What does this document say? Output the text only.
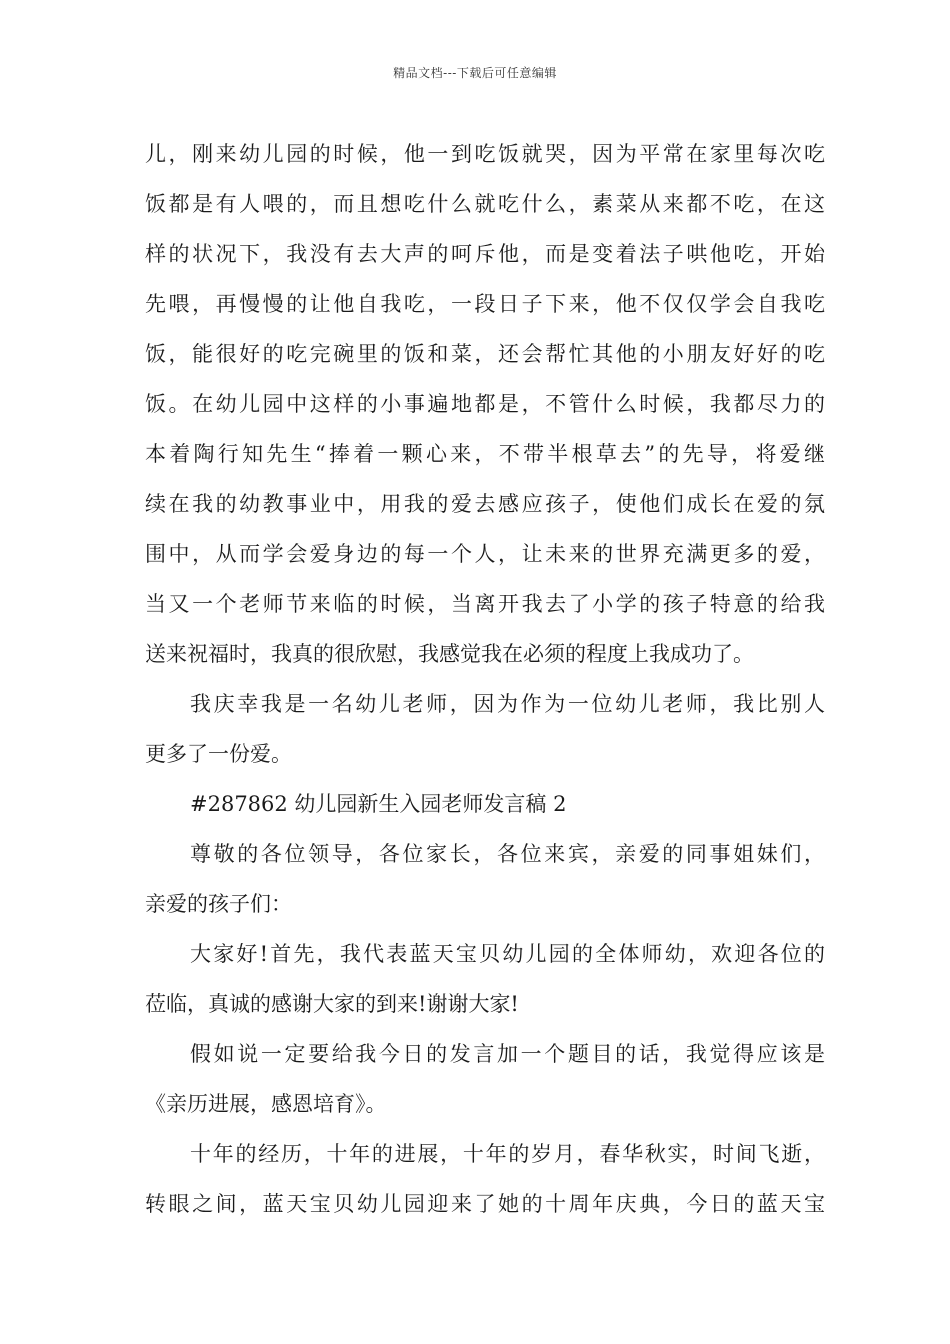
精品文档---下载后可任意编辑
儿，刚来幼儿园的时候，他一到吃饭就哭，因为平常在家里每次吃
饭都是有人喂的，而且想吃什么就吃什么，素菜从来都不吃，在这
样的状况下，我没有去大声的呵斥他，而是变着法子哄他吃，开始
先喂，再慢慢的让他自我吃，一段日子下来，他不仅仅学会自我吃
饭，能很好的吃完碗里的饭和菜，还会帮忙其他的小朋友好好的吃
饭。在幼儿园中这样的小事遍地都是，不管什么时候，我都尽力的
本着陶行知先生“捧着一颗心来，不带半根草去”的先导，将爱继
续在我的幼教事业中，用我的爱去感应孩子，使他们成长在爱的氛
围中，从而学会爱身边的每一个人，让未来的世界充满更多的爱，
当又一个老师节来临的时候，当离开我去了小学的孩子特意的给我
送来祝福时，我真的很欣慰，我感觉我在必须的程度上我成功了。
我庆幸我是一名幼儿老师，因为作为一位幼儿老师，我比别人
更多了一份爱。
#287862 幼儿园新生入园老师发言稿 2
尊敬的各位领导，各位家长，各位来宾，亲爱的同事姐妹们，
亲爱的孩子们：
大家好!首先，我代表蓝天宝贝幼儿园的全体师幼，欢迎各位的
莅临，真诚的感谢大家的到来!谢谢大家!
假如说一定要给我今日的发言加一个题目的话，我觉得应该是
《亲历进展，感恩培育》。
十年的经历，十年的进展，十年的岁月，春华秋实，时间飞逝，
转眼之间，蓝天宝贝幼儿园迎来了她的十周年庆典，今日的蓝天宝
